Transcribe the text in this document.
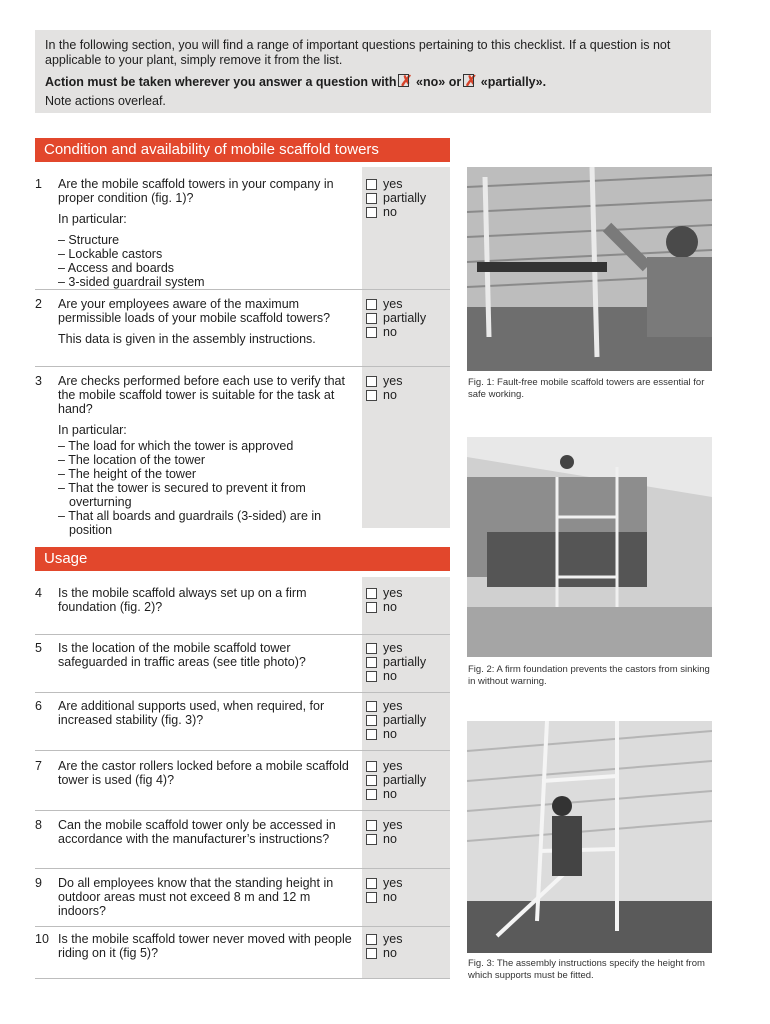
In the following section, you will find a range of important questions pertaining to this checklist. If a question is not applicable to your plant, simply remove it from the list.

Action must be taken wherever you answer a question with ✗ «no» or ✗ «partially».

Note actions overleaf.

Condition and availability of mobile scaffold towers
1 Are the mobile scaffold towers in your company in proper condition (fig. 1)?

In particular:

– Structure
– Lockable castors
– Access and boards
– 3-sided guardrail system
yes
partially
no
2 Are your employees aware of the maximum permissible loads of your mobile scaffold towers?

This data is given in the assembly instructions.

yes
partially
no
3 Are checks performed before each use to verify that the mobile scaffold tower is suitable for the task at hand?

In particular:

– The load for which the tower is approved
– The location of the tower
– The height of the tower
– That the tower is secured to prevent it from overturning
– That all boards and guardrails (3-sided) are in position
yes
no
Usage
4 Is the mobile scaffold always set up on a firm foundation (fig. 2)?

yes
no
5 Is the location of the mobile scaffold tower safeguarded in traffic areas (see title photo)?

yes
partially
no
6 Are additional supports used, when required, for increased stability (fig. 3)?

yes
partially
no
7 Are the castor rollers locked before a mobile scaffold tower is used (fig 4)?

yes
partially
no
8 Can the mobile scaffold tower only be accessed in accordance with the manufacturer’s instructions?

yes
no
9 Do all employees know that the standing height in outdoor areas must not exceed 8 m and 12 m indoors?

yes
no
10 Is the mobile scaffold tower never moved with people riding on it (fig 5)?

yes
no
Fig. 1: Fault-free mobile scaffold towers are essential for safe working.
Fig. 2: A firm foundation prevents the castors from sinking in without warning.
Fig. 3: The assembly instructions specify the height from which supports must be fitted.
